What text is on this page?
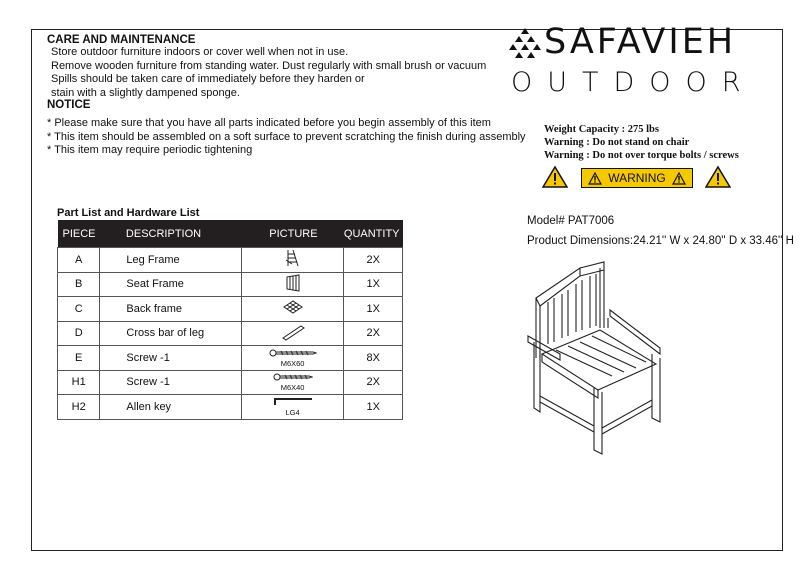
CARE AND MAINTENANCE
Store outdoor furniture indoors or cover well when not in use.
Remove wooden furniture from standing water. Dust regularly with small brush or vacuum
Spills should be taken care of immediately before they harden or
stain with a slightly dampened sponge.
NOTICE
* Please make sure that you have all parts indicated before you begin assembly of this item
* This item should be assembled on a soft surface to prevent scratching the finish during assembly
* This item may require periodic tightening
SAFAVIEH
OUTDOOR
Weight Capacity : 275 lbs
Warning : Do not stand on chair
Warning : Do not over torque bolts / screws
WARNING
Model# PAT7006
Product Dimensions:24.21'' W x 24.80'' D x 33.46'' H
Part List and Hardware List
PIECE	DESCRIPTION	PICTURE	QUANTITY
A	Leg Frame		2X
B	Seat Frame		1X
C	Back frame		1X
D	Cross bar of leg		2X
E	Screw -1	M6X60	8X
H1	Screw -1	M6X40	2X
H2	Allen key	LG4	1X
